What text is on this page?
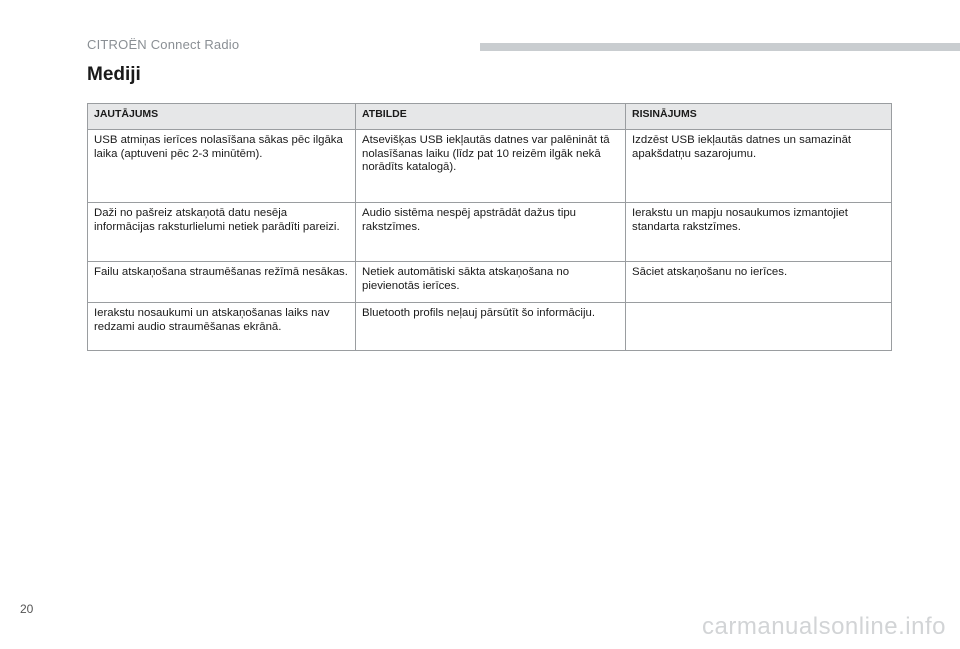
CITROËN Connect Radio
Mediji
JAUTĀJUMS	ATBILDE	RISINĀJUMS
USB atmiņas ierīces nolasīšana sākas pēc ilgāka laika (aptuveni pēc 2-3 minūtēm).	Atsevišķas USB iekļautās datnes var palēnināt tā nolasīšanas laiku (līdz pat 10 reizēm ilgāk nekā norādīts katalogā).	Izdzēst USB iekļautās datnes un samazināt apakšdatņu sazarojumu.
Daži no pašreiz atskaņotā datu nesēja informācijas raksturlielumi netiek parādīti pareizi.	Audio sistēma nespēj apstrādāt dažus tipu rakstzīmes.	Ierakstu un mapju nosaukumos izmantojiet standarta rakstzīmes.
Failu atskaņošana straumēšanas režīmā nesākas.	Netiek automātiski sākta atskaņošana no pievienotās ierīces.	Sāciet atskaņošanu no ierīces.
Ierakstu nosaukumi un atskaņošanas laiks nav redzami audio straumēšanas ekrānā.	Bluetooth profils neļauj pārsūtīt šo informāciju.	
20
carmanualsonline.info
